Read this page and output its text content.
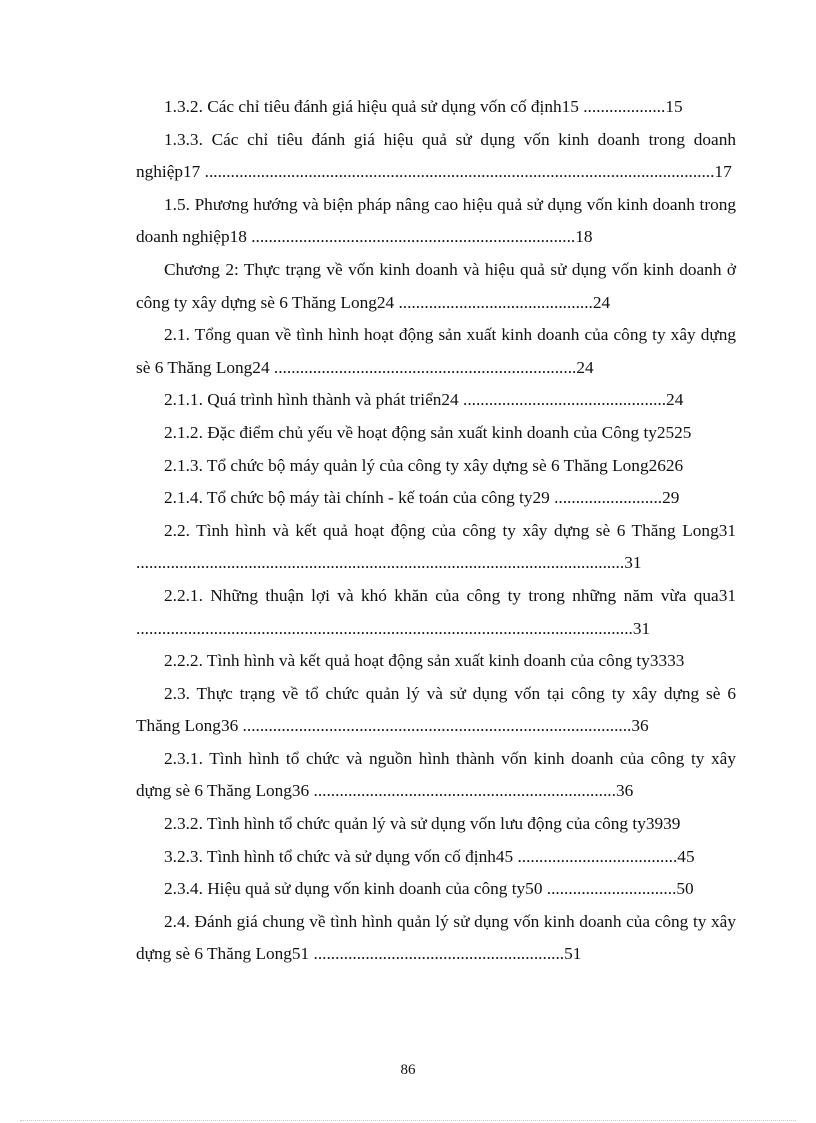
1.3.2. Các chỉ tiêu đánh giá hiệu quả sử dụng vốn cố định15 ...................15
1.3.3. Các chỉ tiêu đánh giá hiệu quả sử dụng vốn kinh doanh trong doanh nghiệp17 ......................................................................................................................17
1.5. Phương hướng và biện pháp nâng cao hiệu quả sử dụng vốn kinh doanh trong doanh nghiệp18 ...........................................................................18
Chương 2: Thực trạng về vốn kinh doanh và hiệu quả sử dụng vốn kinh doanh ở công ty xây dựng sè 6 Thăng Long24 .............................................24
2.1. Tổng quan về tình hình hoạt động sản xuất kinh doanh của công ty xây dựng sè 6 Thăng Long24 ......................................................................24
2.1.1. Quá trình hình thành và phát triển24 ...............................................24
2.1.2. Đặc điểm chủ yếu về hoạt động sản xuất kinh doanh của Công ty2525
2.1.3. Tổ chức bộ máy quản lý của công ty xây dựng sè 6 Thăng Long2626
2.1.4. Tổ chức bộ máy tài chính - kế toán của công ty29 .........................29
2.2. Tình hình và kết quả hoạt động của công ty xây dựng sè 6 Thăng Long31 .................................................................................................................31
2.2.1. Những thuận lợi và khó khăn của công ty trong những năm vừa qua31 ...................................................................................................................31
2.2.2. Tình hình và kết quả hoạt động sản xuất kinh doanh của công ty3333
2.3. Thực trạng về tổ chức quản lý và sử dụng vốn tại công ty xây dựng sè 6 Thăng Long36 ..........................................................................................36
2.3.1. Tình hình tổ chức và nguồn hình thành vốn kinh doanh của công ty xây dựng sè 6 Thăng Long36 ......................................................................36
2.3.2. Tình hình tổ chức quản lý và sử dụng vốn lưu động của công ty3939
3.2.3. Tình hình tổ chức và sử dụng vốn cố định45 .....................................45
2.3.4. Hiệu quả sử dụng vốn kinh doanh của công ty50 ..............................50
2.4. Đánh giá chung về tình hình quản lý sử dụng vốn kinh doanh của công ty xây dựng sè 6 Thăng Long51 ..........................................................51
86
